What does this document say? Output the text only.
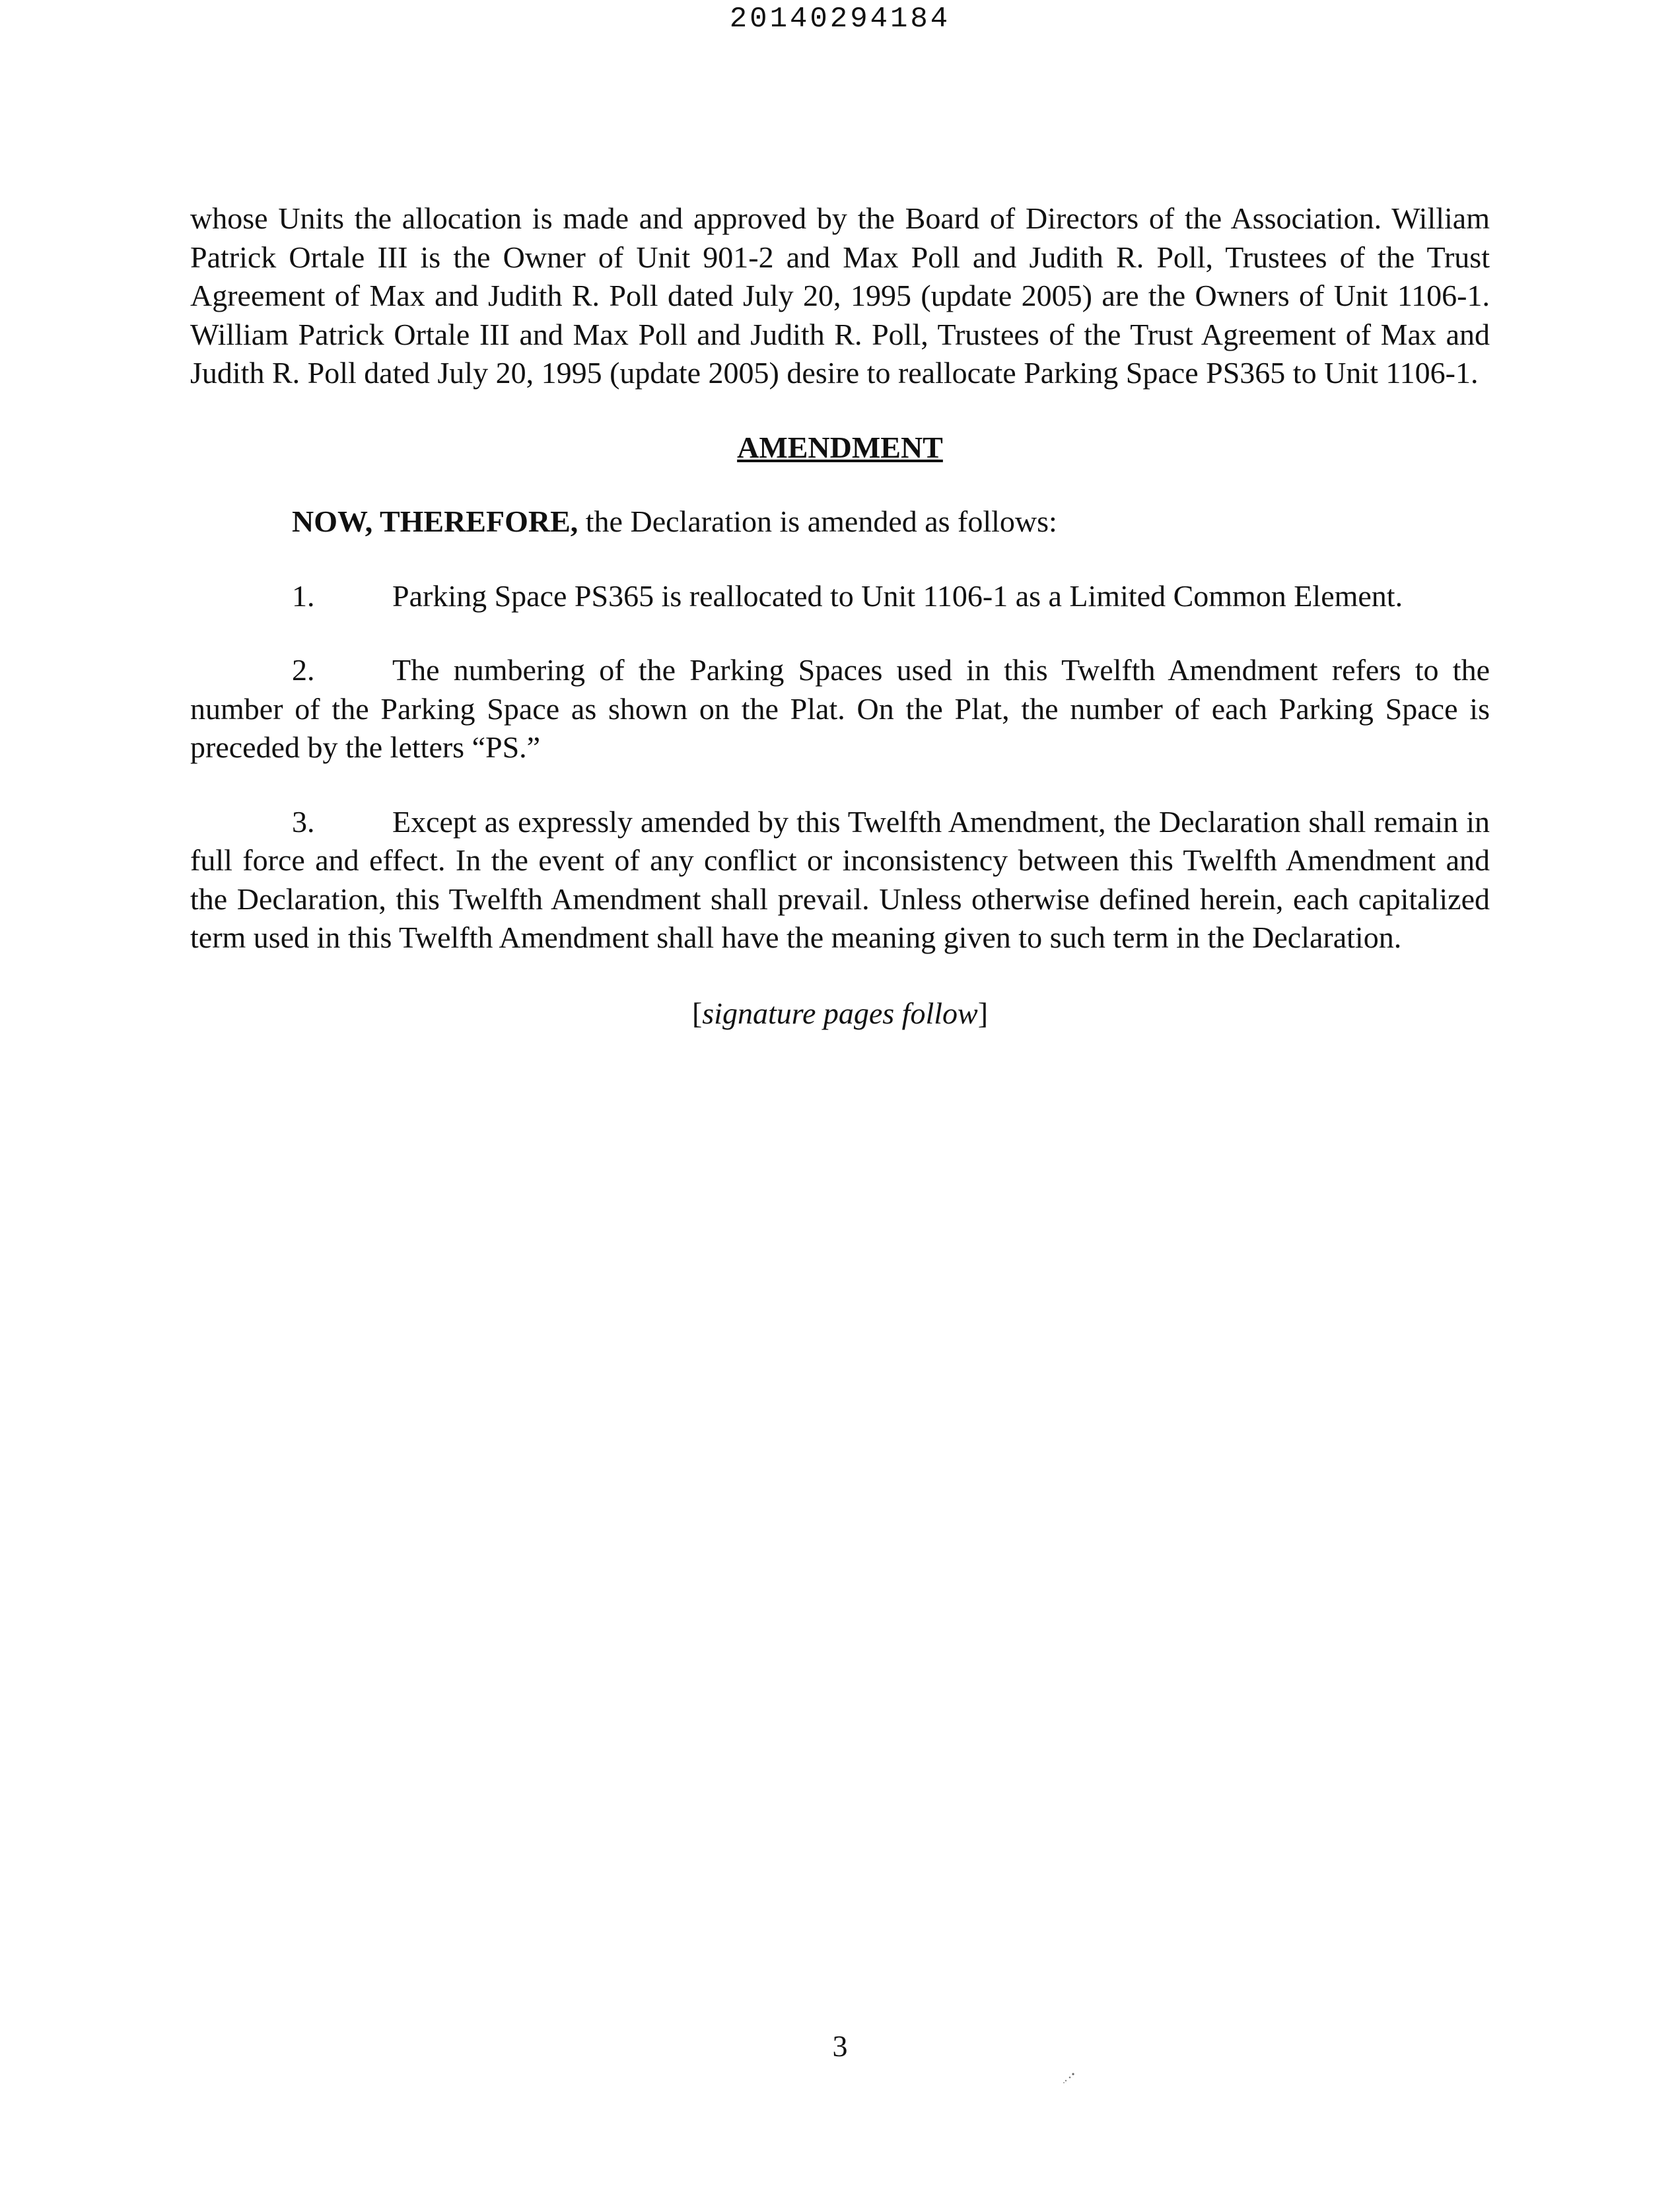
20140294184

whose Units the allocation is made and approved by the Board of Directors of the Association. William Patrick Ortale III is the Owner of Unit 901-2 and Max Poll and Judith R. Poll, Trustees of the Trust Agreement of Max and Judith R. Poll dated July 20, 1995 (update 2005) are the Owners of Unit 1106-1. William Patrick Ortale III and Max Poll and Judith R. Poll, Trustees of the Trust Agreement of Max and Judith R. Poll dated July 20, 1995 (update 2005) desire to reallocate Parking Space PS365 to Unit 1106-1.

AMENDMENT

NOW, THEREFORE, the Declaration is amended as follows:

1.	Parking Space PS365 is reallocated to Unit 1106-1 as a Limited Common Element.

2.	The numbering of the Parking Spaces used in this Twelfth Amendment refers to the number of the Parking Space as shown on the Plat. On the Plat, the number of each Parking Space is preceded by the letters “PS.”

3.	Except as expressly amended by this Twelfth Amendment, the Declaration shall remain in full force and effect. In the event of any conflict or inconsistency between this Twelfth Amendment and the Declaration, this Twelfth Amendment shall prevail. Unless otherwise defined herein, each capitalized term used in this Twelfth Amendment shall have the meaning given to such term in the Declaration.

[signature pages follow]
3
